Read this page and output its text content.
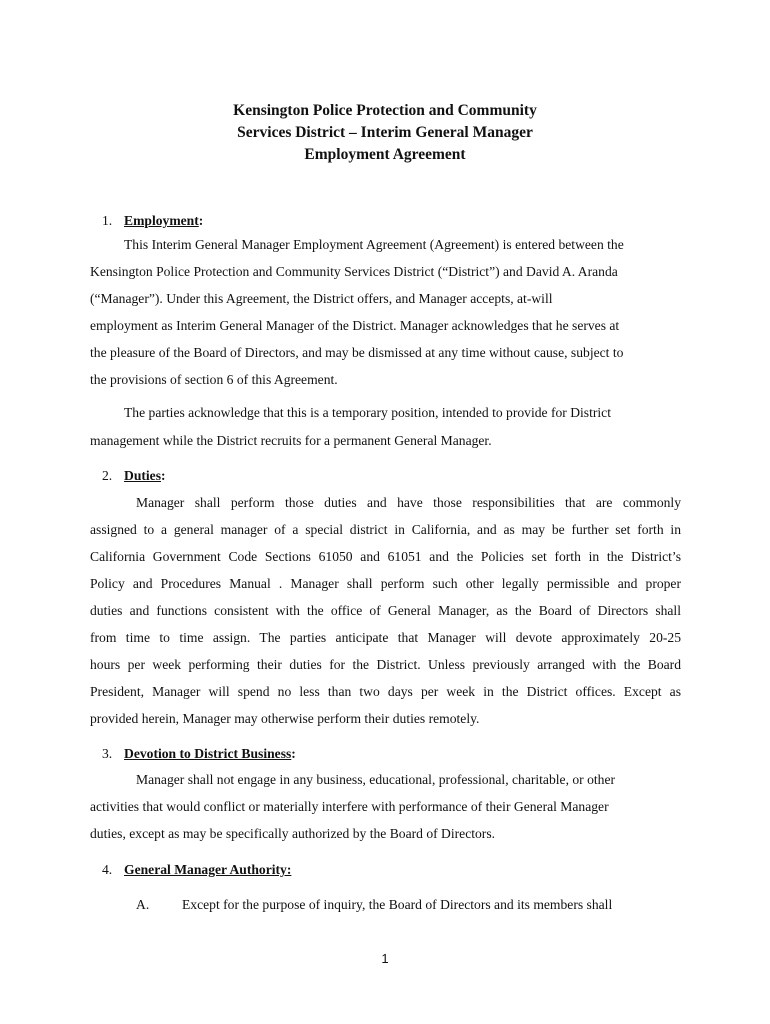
Kensington Police Protection and Community
Services District – Interim General Manager
Employment Agreement
1. Employment:
This Interim General Manager Employment Agreement (Agreement) is entered between the
Kensington Police Protection and Community Services District (“District”) and David A. Aranda
(“Manager”). Under this Agreement, the District offers, and Manager accepts, at-will
employment as Interim General Manager of the District. Manager acknowledges that he serves at
the pleasure of the Board of Directors, and may be dismissed at any time without cause, subject to
the provisions of section 6 of this Agreement.
The parties acknowledge that this is a temporary position, intended to provide for District
management while the District recruits for a permanent General Manager.
2. Duties:
Manager shall perform those duties and have those responsibilities that are commonly
assigned to a general manager of a special district in California, and as may be further set forth in
California Government Code Sections 61050 and 61051 and the Policies set forth in the District’s
Policy and Procedures Manual . Manager shall perform such other legally permissible and proper
duties and functions consistent with the office of General Manager, as the Board of Directors shall
from time to time assign. The parties anticipate that Manager will devote approximately 20-25
hours per week performing their duties for the District. Unless previously arranged with the Board
President, Manager will spend no less than two days per week in the District offices. Except as
provided herein, Manager may otherwise perform their duties remotely.
3. Devotion to District Business:
Manager shall not engage in any business, educational, professional, charitable, or other
activities that would conflict or materially interfere with performance of their General Manager
duties, except as may be specifically authorized by the Board of Directors.
4. General Manager Authority:
A. Except for the purpose of inquiry, the Board of Directors and its members shall
1
